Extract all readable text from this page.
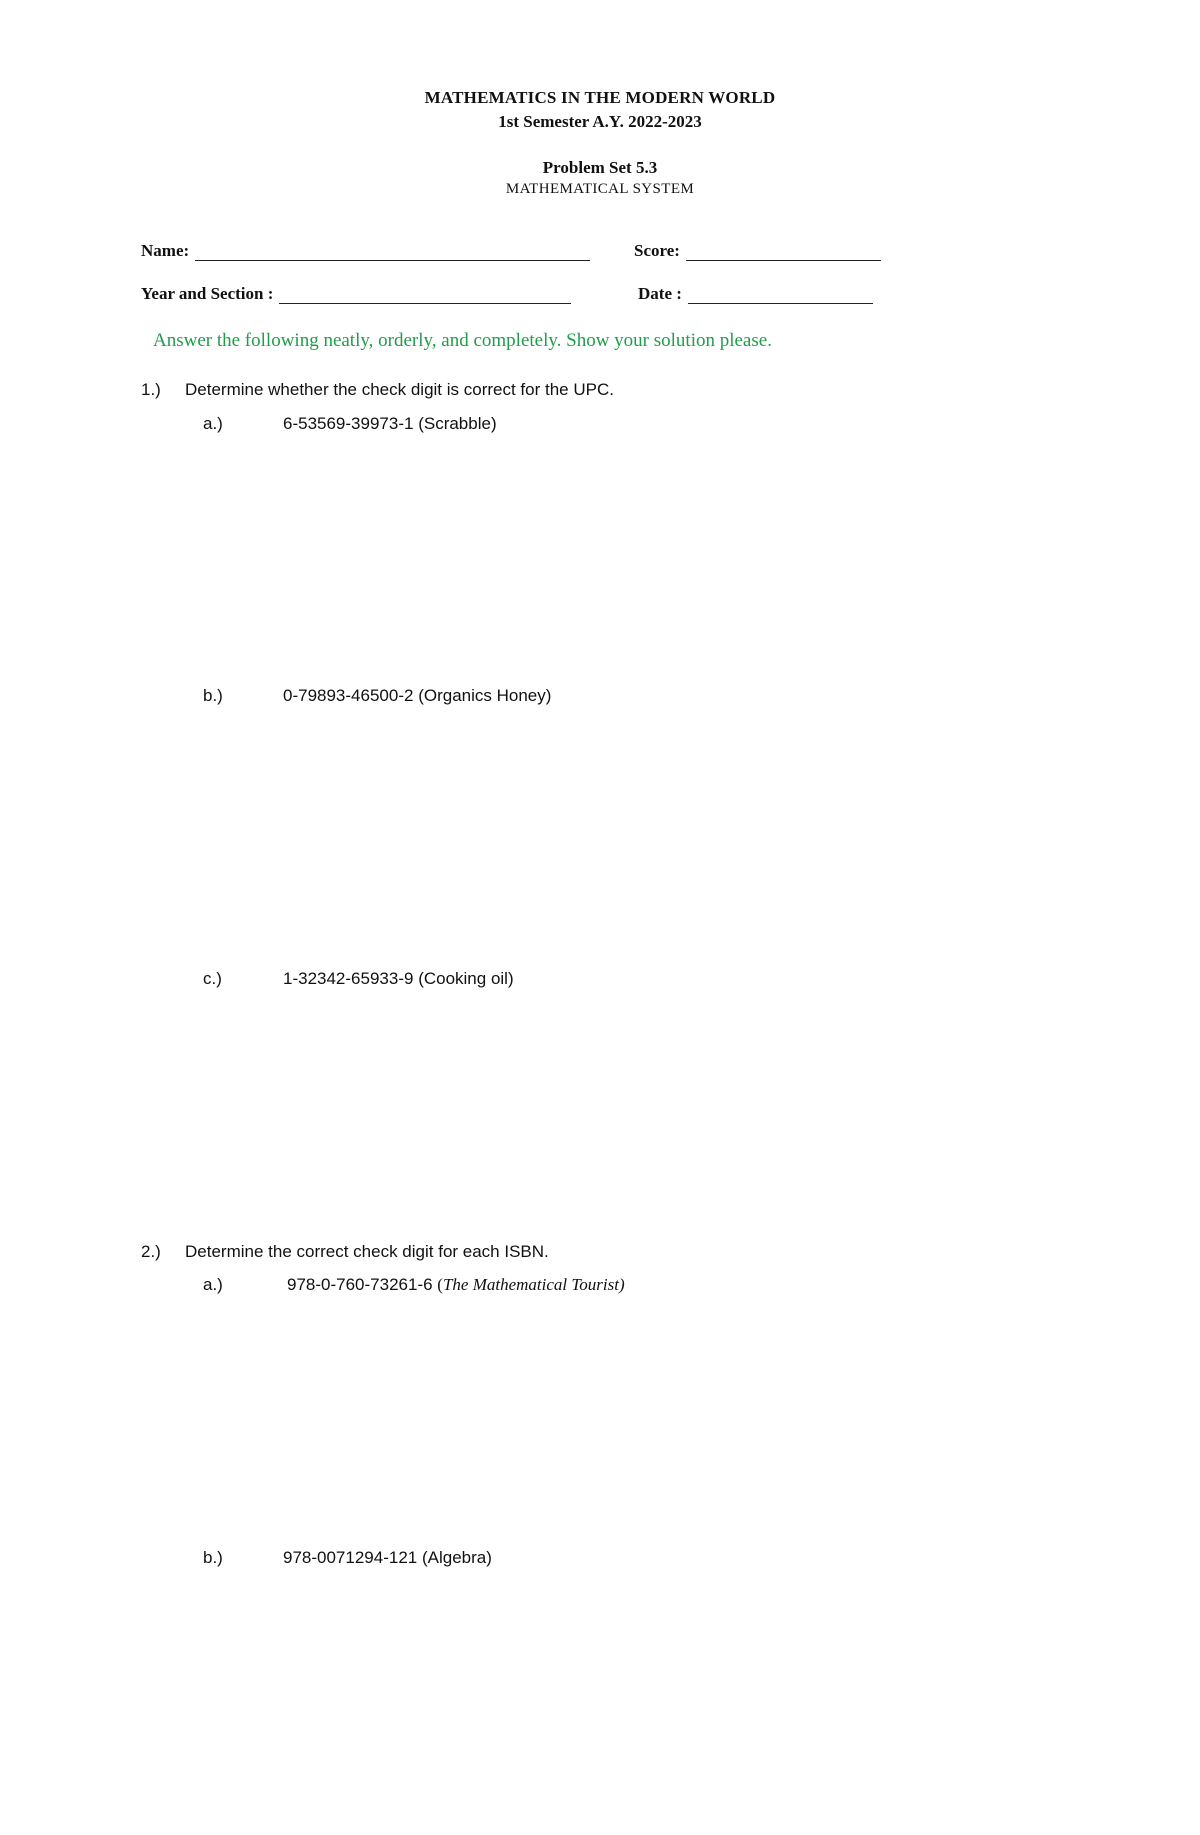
MATHEMATICS IN THE MODERN WORLD
1st Semester A.Y. 2022-2023
Problem Set 5.3
MATHEMATICAL SYSTEM
Name:	Score:
Year and Section :	Date :
Answer the following neatly, orderly, and completely. Show your solution please.
1.) Determine whether the check digit is correct for the UPC.
a.)	6-53569-39973-1 (Scrabble)
b.)	0-79893-46500-2 (Organics Honey)
c.)	1-32342-65933-9 (Cooking oil)
2.) Determine the correct check digit for each ISBN.
a.)	978-0-760-73261-6 (The Mathematical Tourist)
b.)	978-0071294-121 (Algebra)
